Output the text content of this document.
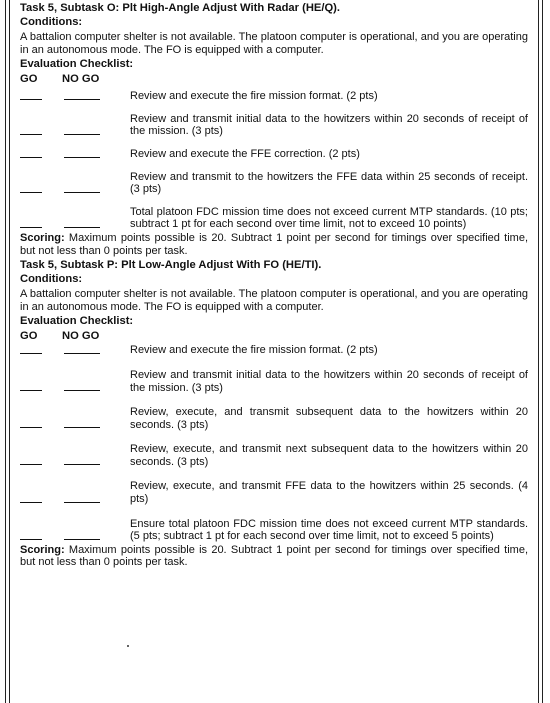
Task 5, Subtask O: Plt High-Angle Adjust With Radar (HE/Q).

Conditions:

A battalion computer shelter is not available. The platoon computer is operational, and you are operating in an autonomous mode. The FO is equipped with a computer.

Evaluation Checklist:

GO NO GO
Review and execute the fire mission format. (2 pts)
Review and transmit initial data to the howitzers within 20 seconds of receipt of the mission. (3 pts)
Review and execute the FFE correction. (2 pts)
Review and transmit to the howitzers the FFE data within 25 seconds of receipt. (3 pts)
Total platoon FDC mission time does not exceed current MTP standards. (10 pts; subtract 1 pt for each second over time limit, not to exceed 10 points)

Scoring: Maximum points possible is 20. Subtract 1 point per second for timings over specified time, but not less than 0 points per task.

Task 5, Subtask P: Plt Low-Angle Adjust With FO (HE/TI).

Conditions:

A battalion computer shelter is not available. The platoon computer is operational, and you are operating in an autonomous mode. The FO is equipped with a computer.

Evaluation Checklist:

GO NO GO
Review and execute the fire mission format. (2 pts)
Review and transmit initial data to the howitzers within 20 seconds of receipt of the mission. (3 pts)
Review, execute, and transmit subsequent data to the howitzers within 20 seconds. (3 pts)
Review, execute, and transmit next subsequent data to the howitzers within 20 seconds. (3 pts)
Review, execute, and transmit FFE data to the howitzers within 25 seconds. (4 pts)
Ensure total platoon FDC mission time does not exceed current MTP standards. (5 pts; subtract 1 pt for each second over time limit, not to exceed 5 points)

Scoring: Maximum points possible is 20. Subtract 1 point per second for timings over specified time, but not less than 0 points per task.
